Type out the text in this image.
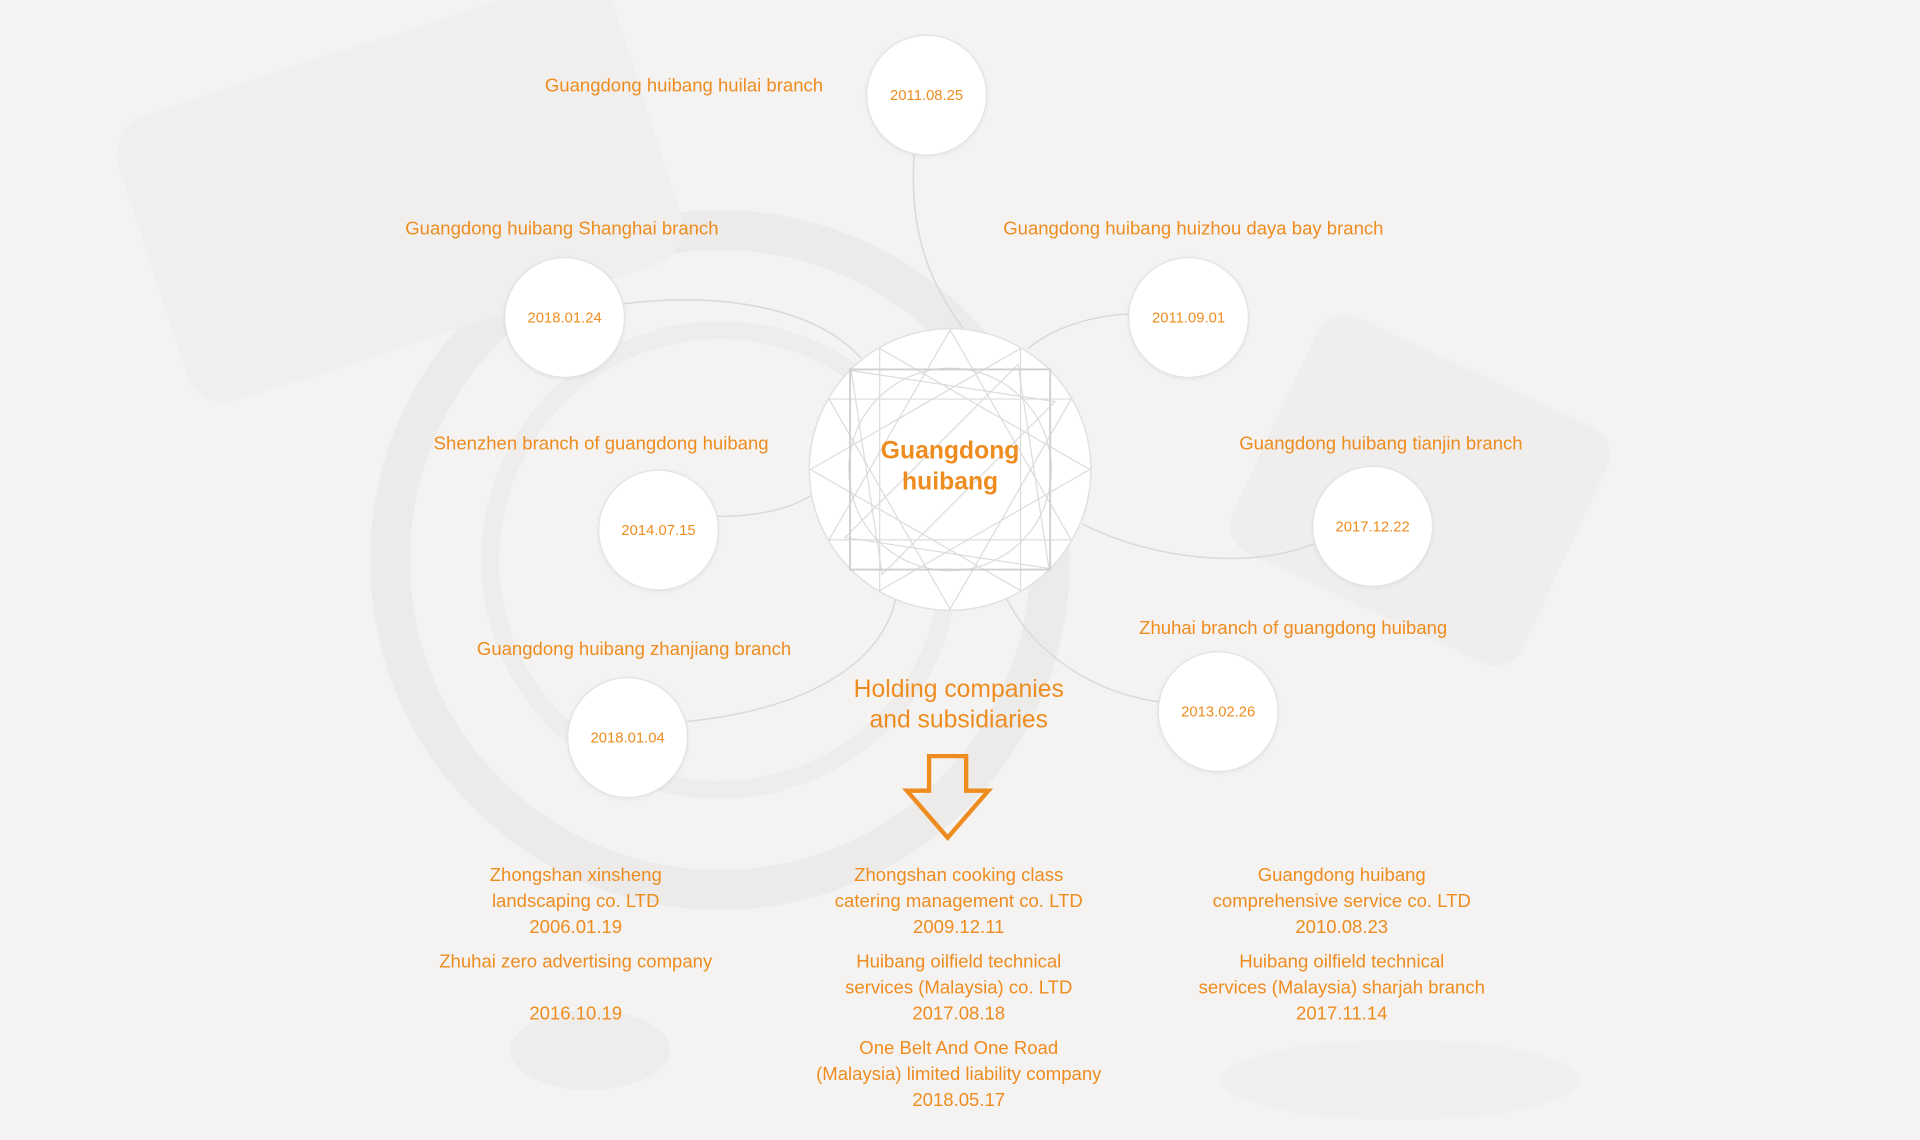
Guangdong
huibang
Guangdong huibang huilai branch
Guangdong huibang Shanghai branch	Guangdong huibang huizhou daya bay branch
Shenzhen branch of guangdong huibang	Guangdong huibang tianjin branch
Guangdong huibang zhanjiang branch
Zhuhai branch of guangdong huibang
2011.08.25
2018.01.24	2011.09.01
2014.07.15	2017.12.22
2018.01.04
2013.02.26
Holding companies
and subsidiaries
Zhongshan xinsheng
landscaping co. LTD
2006.01.19
Zhuhai zero advertising company
2016.10.19
Zhongshan cooking class
catering management co. LTD
2009.12.11
Huibang oilfield technical
services (Malaysia) co. LTD
2017.08.18
One Belt And One Road
(Malaysia) limited liability company
2018.05.17
Guangdong huibang
comprehensive service co. LTD
2010.08.23
Huibang oilfield technical
services (Malaysia) sharjah branch
2017.11.14
